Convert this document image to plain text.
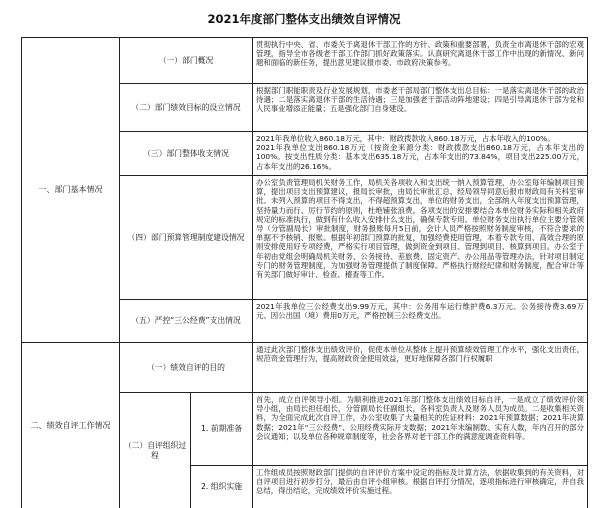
2021年度部门整体支出绩效自评情况
一、部门基本情况
（一）部门概况

贯彻执行中央、省、市委关于离退休干部工作的方针、政策和重要部署，负责全市离退休干部的宏观管理，指导全市各级老干部工作部门抓好政策落实。认真研究离退休干部工作中出现的新情况、新问题和面临的新任务，提出意见建议报市委、市政府决策参考。

（二）部门绩效目标的设立情况

根据部门职能职责及行业发展规划，市委老干部局部门整体支出总目标：一是落实离退休干部的政治待遇；二是落实离退休干部的生活待遇；三是加强老干部活动阵地建设；四是引导离退休干部为党和人民事业增添正能量；五是强化部门自身建设。

（三）部门整体收支情况

2021年我单位收入860.18万元，其中：财政拨款收入860.18万元，占本年收入的100%。

2021年我单位支出860.18万元（按资金来源分类：财政拨款支出860.18万元，占本年支出的100%。按支出性质分类：基本支出635.18万元，占本年支出的73.84%，项目支出225.00万元，占本年支出的26.16%。

（四）部门预算管理制度建设情况

办公室负责管理局机关财务工作，局机关各项收入和支出统一纳入预算管理，办公室每年编制项目预算，提出项目支出预算建议，报局长审批，由局长审批汇总，经局领导同意后报市财政局有关科室审批。未列入预算的项目不得支出，不得超预算支出，单位的财务支出，全部纳入年度支出预算管理，坚持量力而行、厉行节约的原则，杜绝铺张浪费。各项支出的安排要结合本单位财务实际和相关政府规定的标准执行，做到有什么收入安排什么支出，确保专款专用。单位财务支出执行单位主要分管领导（分管副局长）审批制度，财务报账每月5日前，会计人员严格按照财务制度审核，不符合要求的单据不予核销、报账。根据年初部门预算的批复，加强经费使用管理，本着专款专用、高效合理的原则安排使用好专项经费，严格实行项目管理，做到资金到项目、管理到项目、核算到项目。办公室于年初由党组会明确局机关财务、公务接待、差旅费、固定资产、办公用品等管理办法，针对项目制定专门的财务管理制度，为加强财务管理提供了制度保障。严格执行财经纪律和财务制度，配合审计等有关部门做好审计、检查、稽查等工作。

（五）严控“三公经费”支出情况

2021年我单位三公经费支出9.99万元，其中：公务用车运行维护费6.3万元、公务接待费3.69万元、因公出国（境）费用0万元，严格控制三公经费支出。

二、绩效自评工作情况
（一）绩效自评的目的

通过此次部门整体支出绩效评价，促使本单位从整体上提升预算绩效管理工作水平，强化支出责任，规范资金管理行为，提高财政资金使用效益，更好地保障各部门行权履职

（二）自评组织过程
1. 前期准备

首先，成立自评领导小组。为顺利推进2021年部门整体支出绩效目标自评，一是成立了绩效评价领导小组，由局长担任组长，分管副局长任副组长，各科室负责人及财务人员为成员。二是收集相关资料，为全面完成此次自评工作，办公室收集了大量相关的佐证材料：2021年预算数据；2021年决算数据；2021年“三公经费”、公用经费实际开支数据；2021年末编制数、实有人数，年内召开的部分会议通知；以及单位各种规章制度等，社会各界对老干部工作的满意度调查资料等。

2. 组织实施

工作组成员按照财政部门提供的自评评价方案中设定的指标及计算方法，依据收集到的有关资料，对自评项目进行初步打分，最后由自评小组审核。根据自评打分情况，逐项指标进行审核确定，并自我总结，得出结论，完成绩效评价实施过程。
